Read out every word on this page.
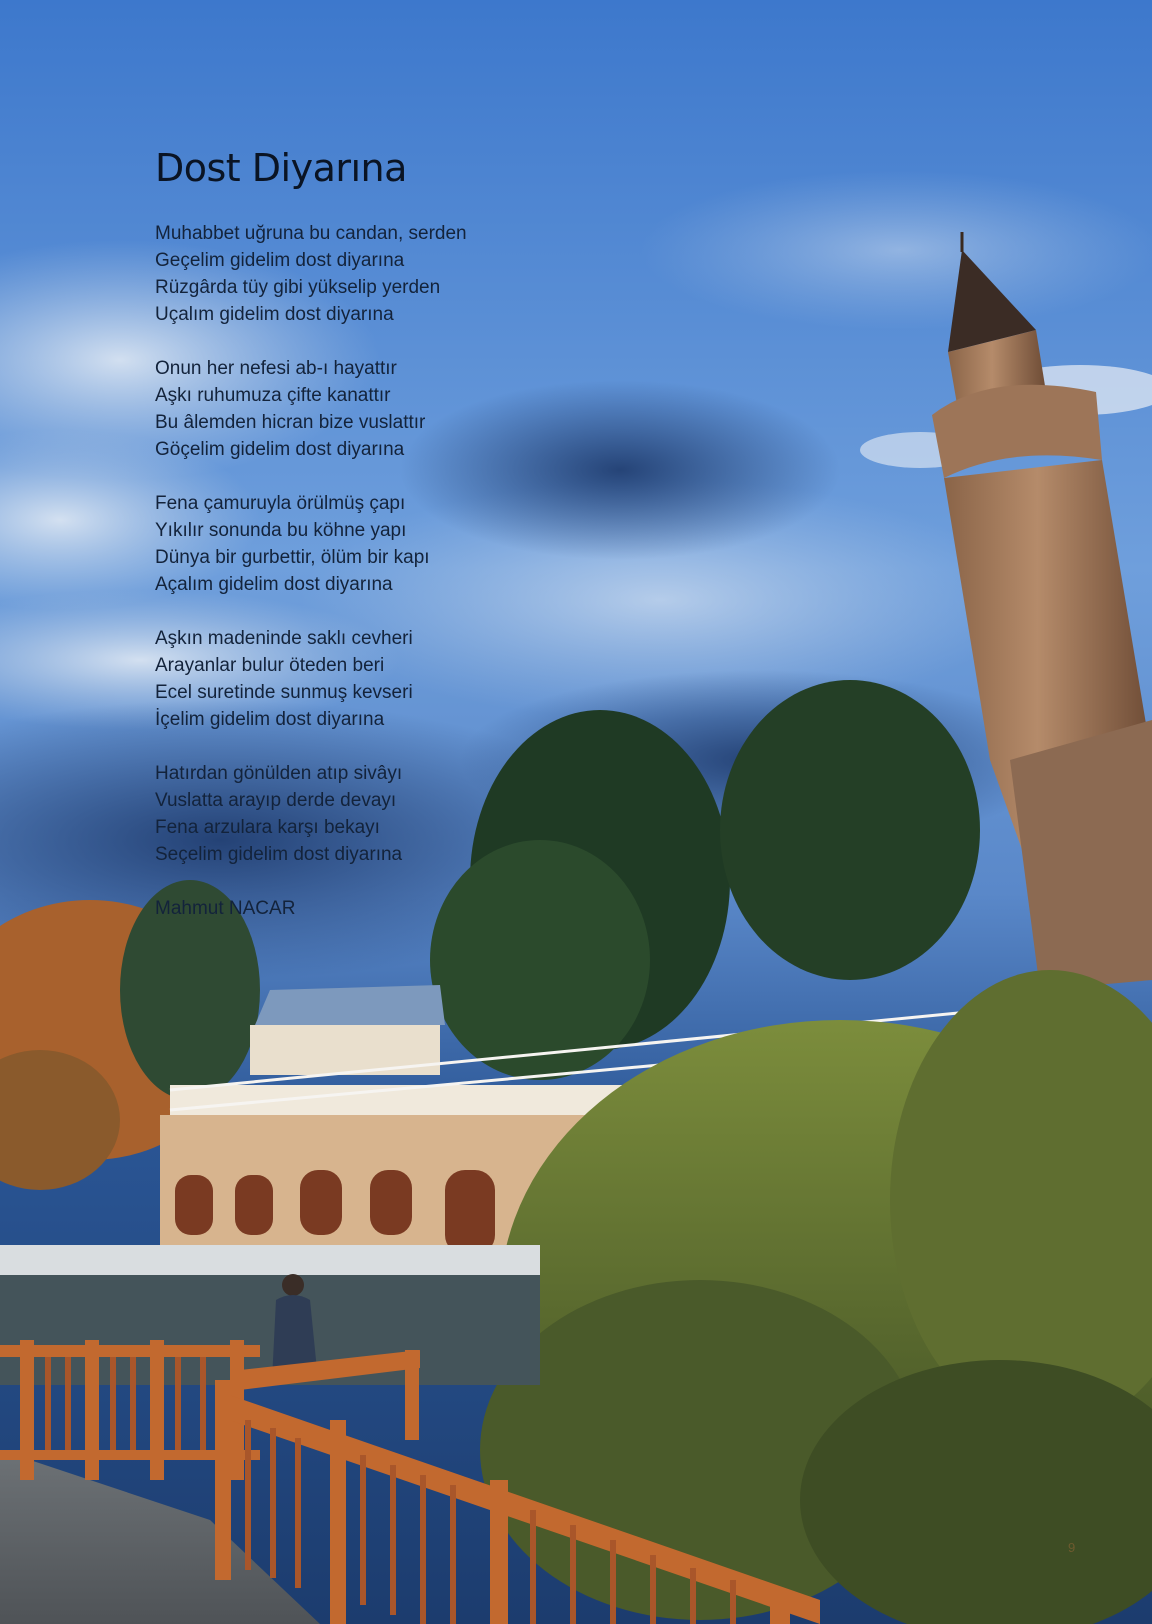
Dost Diyarına
Muhabbet uğruna bu candan, serden
Geçelim gidelim dost diyarına
Rüzgârda tüy gibi yükselip yerden
Uçalım gidelim dost diyarına
Onun her nefesi ab-ı hayattır
Aşkı ruhumuza çifte kanattır
Bu âlemden hicran bize vuslattır
Göçelim gidelim dost diyarına
Fena çamuruyla örülmüş çapı
Yıkılır sonunda bu köhne yapı
Dünya bir gurbettir, ölüm bir kapı
Açalım gidelim dost diyarına
Aşkın madeninde saklı cevheri
Arayanlar bulur öteden beri
Ecel suretinde sunmuş kevseri
İçelim gidelim dost diyarına
Hatırdan gönülden atıp sivâyı
Vuslatta arayıp derde devayı
Fena arzulara karşı bekayı
Seçelim gidelim dost diyarına
Mahmut NACAR
9
